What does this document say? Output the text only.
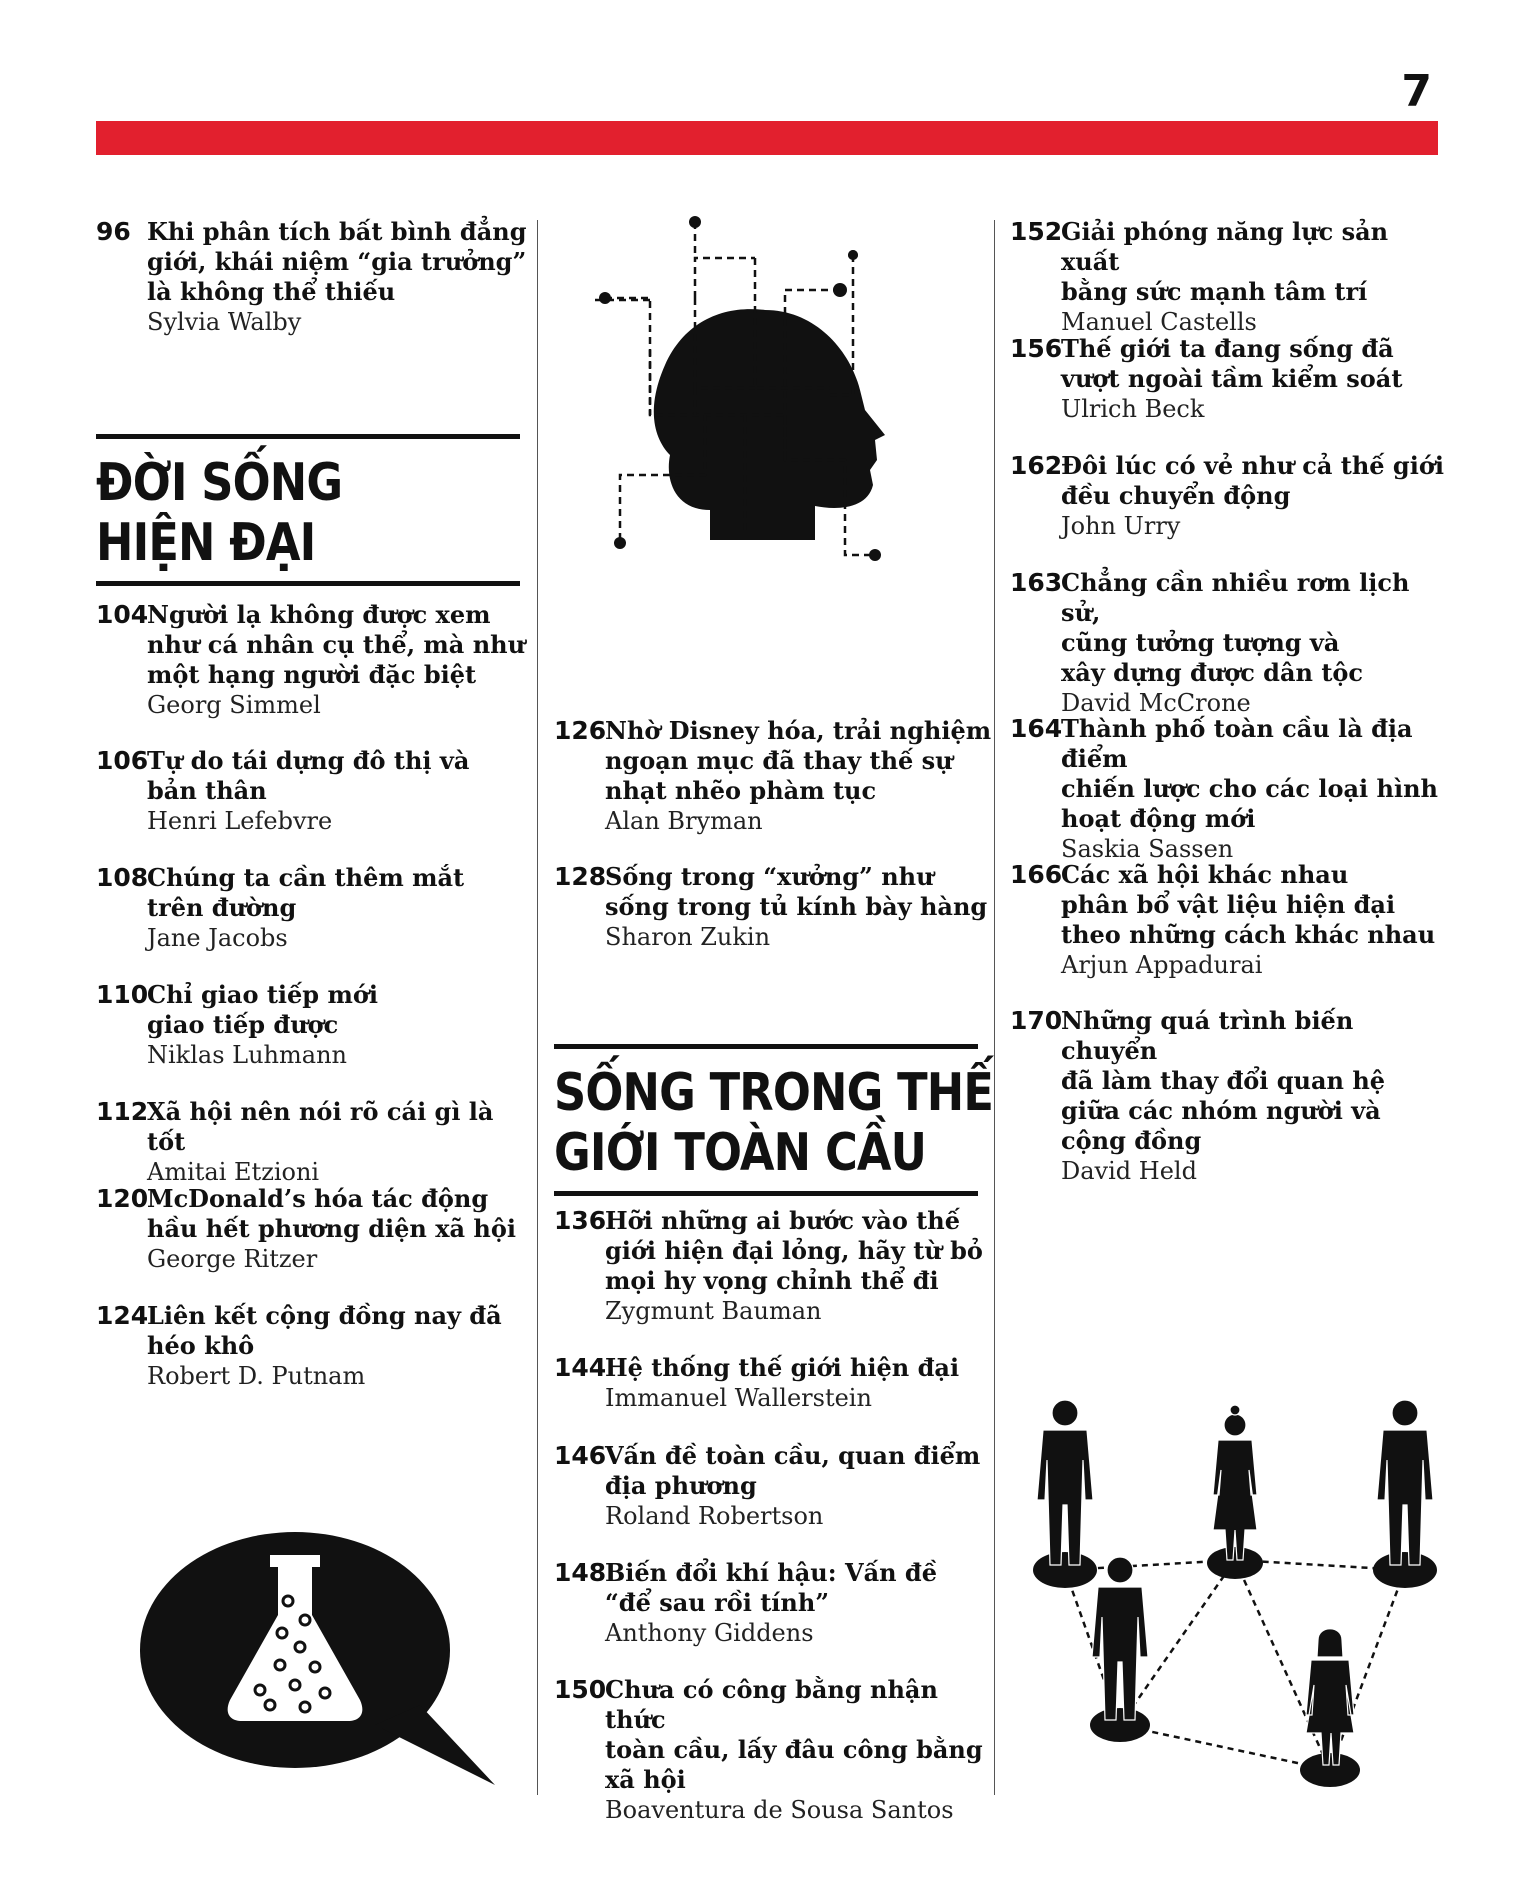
7
ĐỜI SỐNG
HIỆN ĐẠI
SỐNG TRONG THẾ
GIỚI TOÀN CẦU
96 Khi phân tích bất bình đẳng
giới, khái niệm “gia trưởng”
là không thể thiếu
Sylvia Walby
104
Người lạ không được xem
như cá nhân cụ thể, mà như
một hạng người đặc biệt
Georg Simmel
106
Tự do tái dựng đô thị và
bản thân
Henri Lefebvre
108
Chúng ta cần thêm mắt
trên đường
Jane Jacobs
110
Chỉ giao tiếp mới
giao tiếp được
Niklas Luhmann
112
Xã hội nên nói rõ cái gì là tốt
Amitai Etzioni
120
McDonald’s hóa tác động
hầu hết phương diện xã hội
George Ritzer
124
Liên kết cộng đồng nay đã
héo khô
Robert D. Putnam
126
Nhờ Disney hóa, trải nghiệm
ngoạn mục đã thay thế sự
nhạt nhẽo phàm tục
Alan Bryman
128
Sống trong “xưởng” như
sống trong tủ kính bày hàng
Sharon Zukin
136
Hỡi những ai bước vào thế
giới hiện đại lỏng, hãy từ bỏ
mọi hy vọng chỉnh thể đi
Zygmunt Bauman
144
Hệ thống thế giới hiện đại
Immanuel Wallerstein
146
Vấn đề toàn cầu, quan điểm
địa phương
Roland Robertson
148
Biến đổi khí hậu: Vấn đề
“để sau rồi tính”
Anthony Giddens
150
Chưa có công bằng nhận thức
toàn cầu, lấy đâu công bằng
xã hội
Boaventura de Sousa Santos
152
Giải phóng năng lực sản xuất
bằng sức mạnh tâm trí
Manuel Castells
156
Thế giới ta đang sống đã
vượt ngoài tầm kiểm soát
Ulrich Beck
162
Đôi lúc có vẻ như cả thế giới
đều chuyển động
John Urry
163
Chẳng cần nhiều rơm lịch sử,
cũng tưởng tượng và
xây dựng được dân tộc
David McCrone
164
Thành phố toàn cầu là địa điểm
chiến lược cho các loại hình
hoạt động mới
Saskia Sassen
166
Các xã hội khác nhau
phân bổ vật liệu hiện đại
theo những cách khác nhau
Arjun Appadurai
170
Những quá trình biến chuyển
đã làm thay đổi quan hệ
giữa các nhóm người và
cộng đồng
David Held
